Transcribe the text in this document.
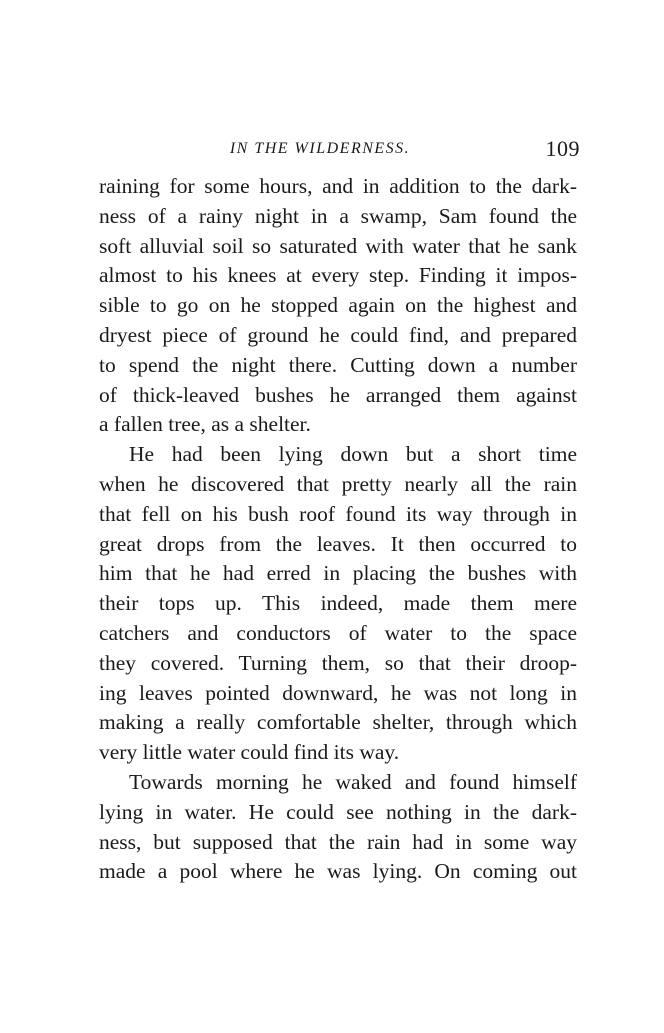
IN THE WILDERNESS.	109
raining for some hours, and in addition to the dark-
ness of a rainy night in a swamp, Sam found the
soft alluvial soil so saturated with water that he sank
almost to his knees at every step. Finding it impos-
sible to go on he stopped again on the highest and
dryest piece of ground he could find, and prepared
to spend the night there. Cutting down a number
of thick-leaved bushes he arranged them against
a fallen tree, as a shelter.
He had been lying down but a short time
when he discovered that pretty nearly all the rain
that fell on his bush roof found its way through in
great drops from the leaves. It then occurred to
him that he had erred in placing the bushes with
their tops up. This indeed, made them mere
catchers and conductors of water to the space
they covered. Turning them, so that their droop-
ing leaves pointed downward, he was not long in
making a really comfortable shelter, through which
very little water could find its way.
Towards morning he waked and found himself
lying in water. He could see nothing in the dark-
ness, but supposed that the rain had in some way
made a pool where he was lying. On coming out
